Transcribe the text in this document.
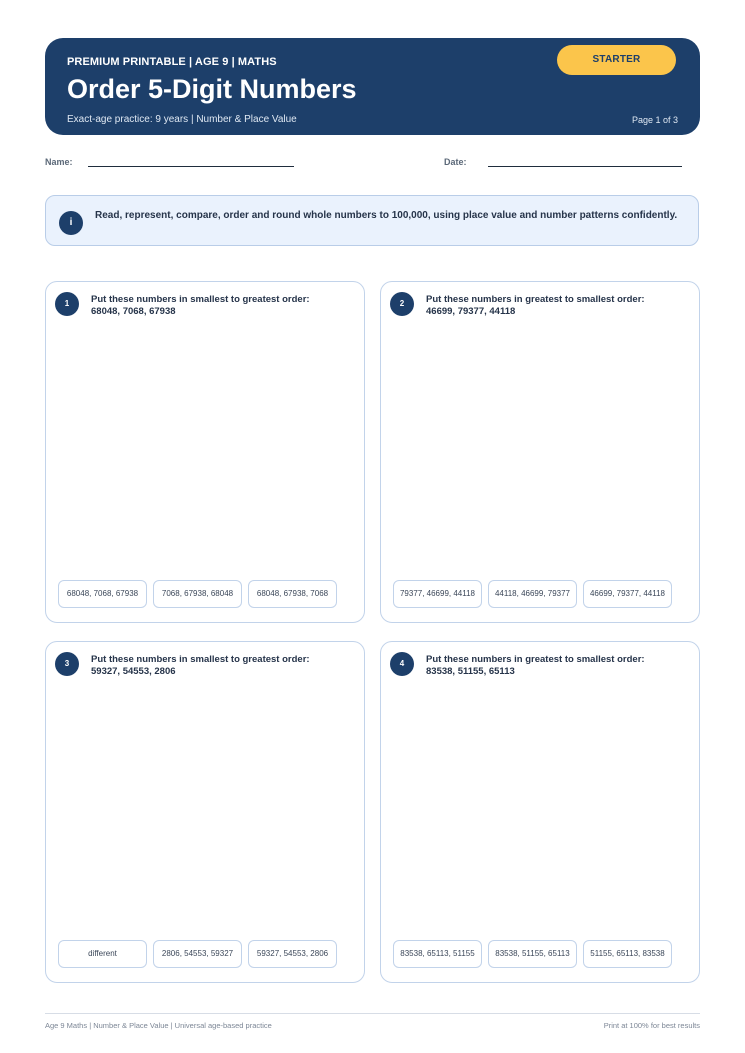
PREMIUM PRINTABLE | AGE 9 | MATHS
Order 5-Digit Numbers
Exact-age practice: 9 years | Number & Place Value	Page 1 of 3
STARTER
Name:	Date:
i
Read, represent, compare, order and round whole numbers to 100,000, using place value and number patterns confidently.
1	Put these numbers in smallest to greatest order:
68048, 7068, 67938
68048, 7068, 67938	7068, 67938, 68048	68048, 67938, 7068
2	Put these numbers in greatest to smallest order:
46699, 79377, 44118
79377, 46699, 44118	44118, 46699, 79377	46699, 79377, 44118
3	Put these numbers in smallest to greatest order:
59327, 54553, 2806
different	2806, 54553, 59327	59327, 54553, 2806
4	Put these numbers in greatest to smallest order:
83538, 51155, 65113
83538, 65113, 51155	83538, 51155, 65113	51155, 65113, 83538
Age 9 Maths | Number & Place Value | Universal age-based practice	Print at 100% for best results
